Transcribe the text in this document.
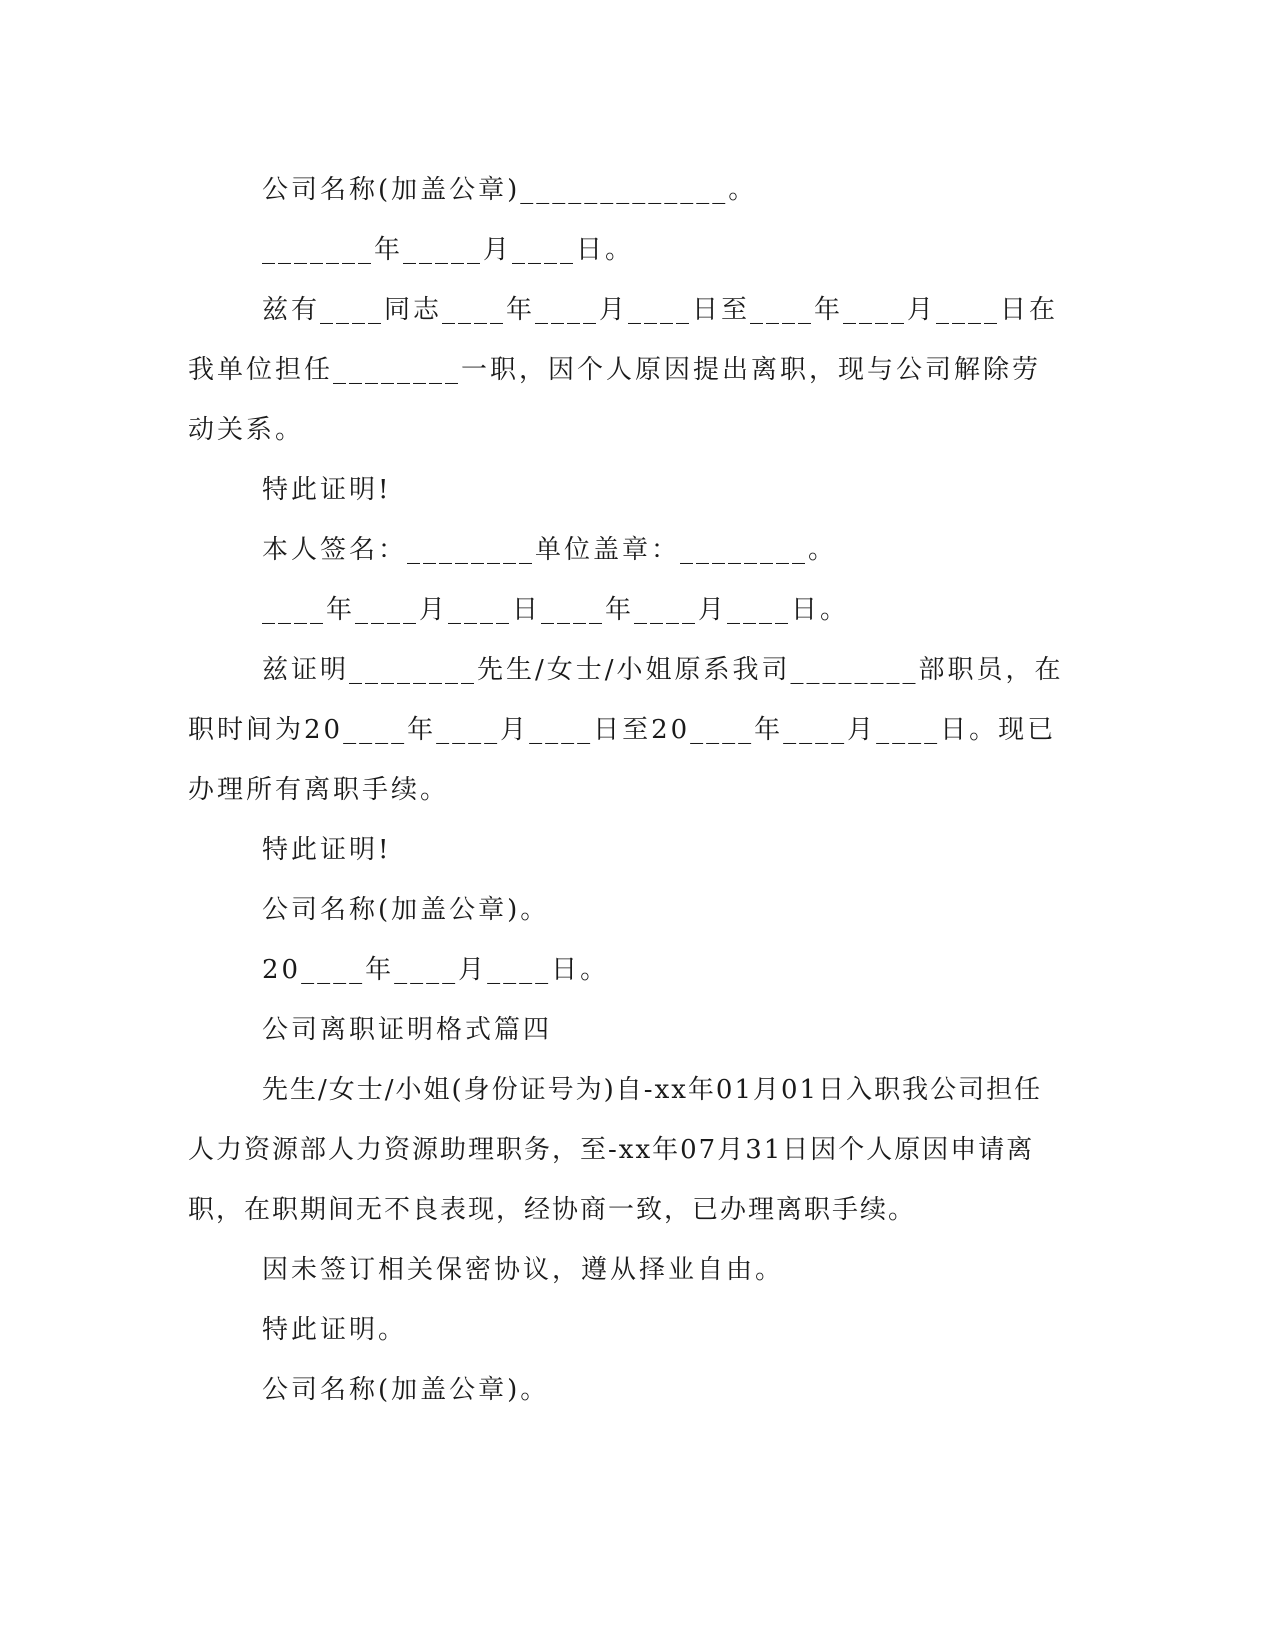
公司名称(加盖公章)_____________。

_______年_____月____日。

兹有____同志____年____月____日至____年____月____日在我单位担任________一职，因个人原因提出离职，现与公司解除劳动关系。

特此证明!

本人签名：________单位盖章：________。

____年____月____日____年____月____日。

兹证明________先生/女士/小姐原系我司________部职员，在职时间为20____年____月____日至20____年____月____日。现已办理所有离职手续。

特此证明!

公司名称(加盖公章)。

20____年____月____日。

公司离职证明格式篇四

先生/女士/小姐(身份证号为)自-xx年01月01日入职我公司担任人力资源部人力资源助理职务，至-xx年07月31日因个人原因申请离职，在职期间无不良表现，经协商一致，已办理离职手续。

因未签订相关保密协议，遵从择业自由。

特此证明。

公司名称(加盖公章)。
